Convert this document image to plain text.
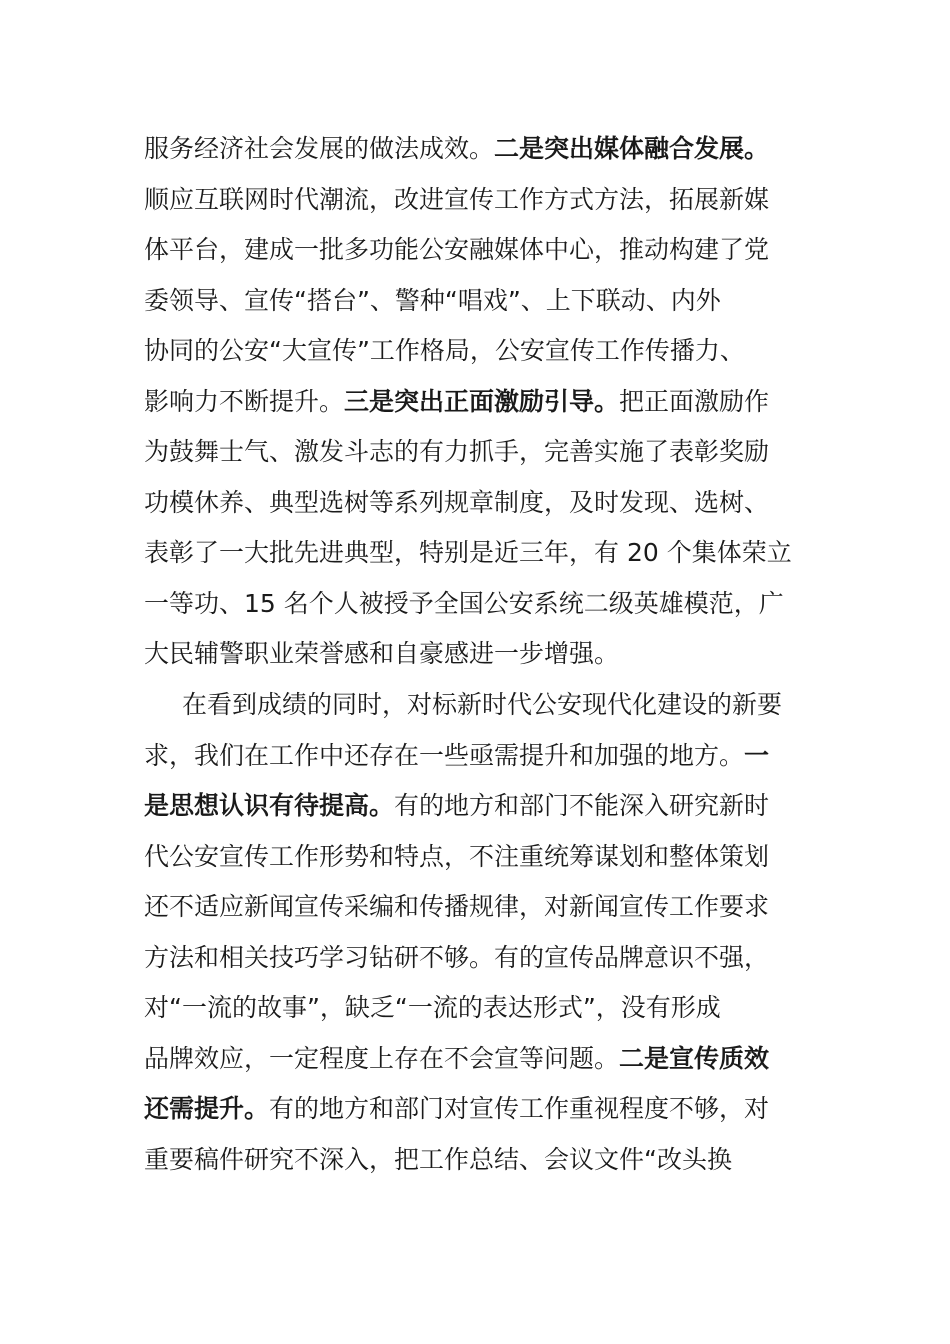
服务经济社会发展的做法成效。二是突出媒体融合发展。
顺应互联网时代潮流，改进宣传工作方式方法，拓展新媒
体平台，建成一批多功能公安融媒体中心，推动构建了党
委领导、宣传“搭台”、警种“唱戏”、上下联动、内外
协同的公安“大宣传”工作格局，公安宣传工作传播力、
影响力不断提升。三是突出正面激励引导。把正面激励作
为鼓舞士气、激发斗志的有力抓手，完善实施了表彰奖励
功模休养、典型选树等系列规章制度，及时发现、选树、
表彰了一大批先进典型，特别是近三年，有 20 个集体荣立
一等功、15 名个人被授予全国公安系统二级英雄模范，广
大民辅警职业荣誉感和自豪感进一步增强。
在看到成绩的同时，对标新时代公安现代化建设的新要
求，我们在工作中还存在一些亟需提升和加强的地方。一
是思想认识有待提高。有的地方和部门不能深入研究新时
代公安宣传工作形势和特点，不注重统筹谋划和整体策划
还不适应新闻宣传采编和传播规律，对新闻宣传工作要求
方法和相关技巧学习钻研不够。有的宣传品牌意识不强，
对“一流的故事”，缺乏“一流的表达形式”，没有形成
品牌效应，一定程度上存在不会宣等问题。二是宣传质效
还需提升。有的地方和部门对宣传工作重视程度不够，对
重要稿件研究不深入，把工作总结、会议文件“改头换
